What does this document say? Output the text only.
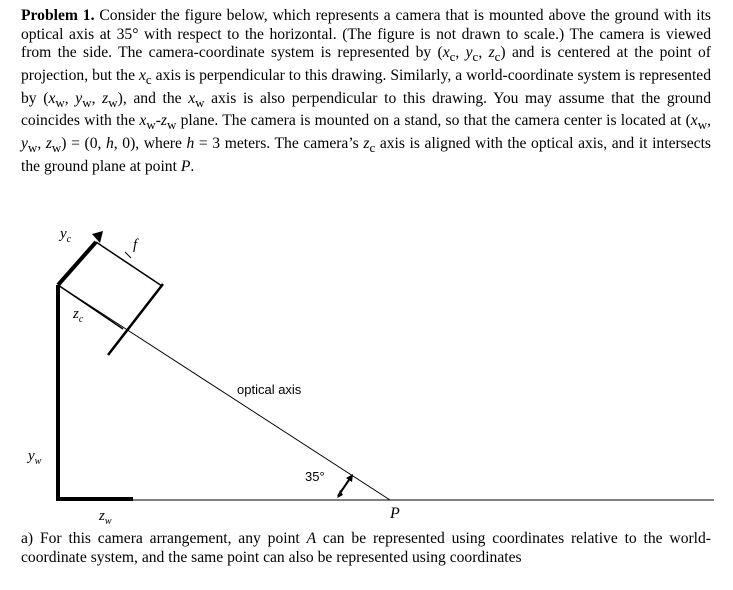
Problem 1. Consider the figure below, which represents a camera that is mounted above the ground with its optical axis at 35° with respect to the horizontal. (The figure is not drawn to scale.) The camera is viewed from the side. The camera-coordinate system is represented by ($x_c$, $y_c$, $z_c$) and is centered at the point of projection, but the $x_c$ axis is perpendicular to this drawing. Similarly, a world-coordinate system is represented by ($x_w$, $y_w$, $z_w$), and the $x_w$ axis is also perpendicular to this drawing. You may assume that the ground coincides with the $x_w-z_w$ plane. The camera is mounted on a stand, so that the camera center is located at ($x_w$, $y_w$, $z_w) = (0$, h, 0), where h = 3 meters. The camera’s $z_c$ axis is aligned with the optical axis, and it intersects the ground plane at point P.

$y_c$	f
$z_c$
optical axis
$y_w$
35°
$z_w$	P

a) For this camera arrangement, any point A can be represented using coordinates relative to the world-coordinate system, and the same point can also be represented using coordinates
